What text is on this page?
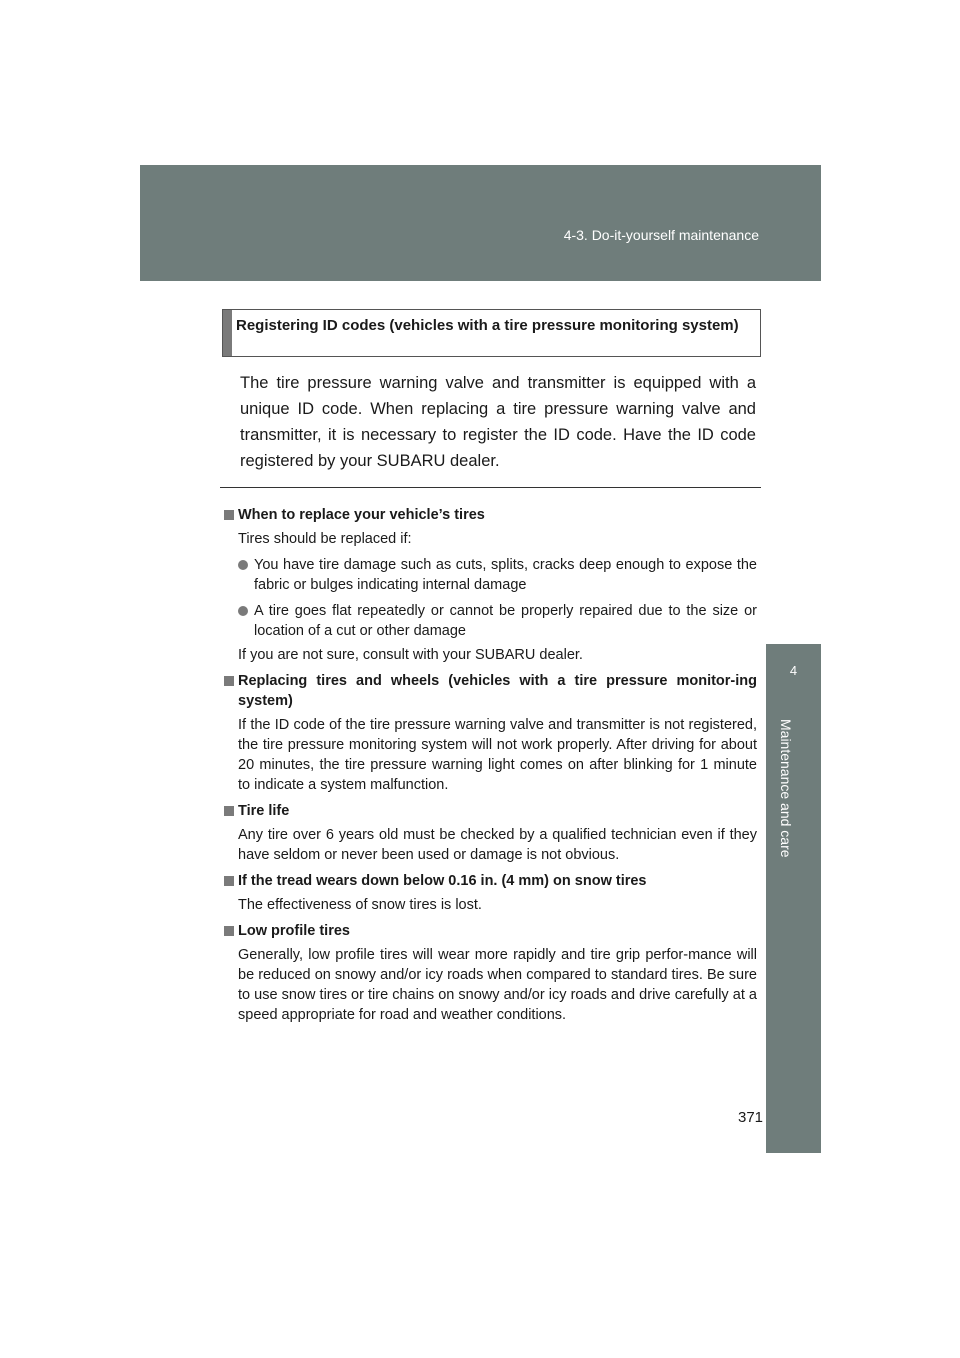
4-3. Do-it-yourself maintenance
4
Maintenance and care
Registering ID codes (vehicles with a tire pressure monitoring system)
The tire pressure warning valve and transmitter is equipped with a unique ID code. When replacing a tire pressure warning valve and transmitter, it is necessary to register the ID code. Have the ID code registered by your SUBARU dealer.
When to replace your vehicle’s tires
Tires should be replaced if:
You have tire damage such as cuts, splits, cracks deep enough to expose the fabric or bulges indicating internal damage
A tire goes flat repeatedly or cannot be properly repaired due to the size or location of a cut or other damage
If you are not sure, consult with your SUBARU dealer.
Replacing tires and wheels (vehicles with a tire pressure monitor-ing system)
If the ID code of the tire pressure warning valve and transmitter is not registered, the tire pressure monitoring system will not work properly. After driving for about 20 minutes, the tire pressure warning light comes on after blinking for 1 minute to indicate a system malfunction.
Tire life
Any tire over 6 years old must be checked by a qualified technician even if they have seldom or never been used or damage is not obvious.
If the tread wears down below 0.16 in. (4 mm) on snow tires
The effectiveness of snow tires is lost.
Low profile tires
Generally, low profile tires will wear more rapidly and tire grip perfor-mance will be reduced on snowy and/or icy roads when compared to standard tires. Be sure to use snow tires or tire chains on snowy and/or icy roads and drive carefully at a speed appropriate for road and weather conditions.
371
